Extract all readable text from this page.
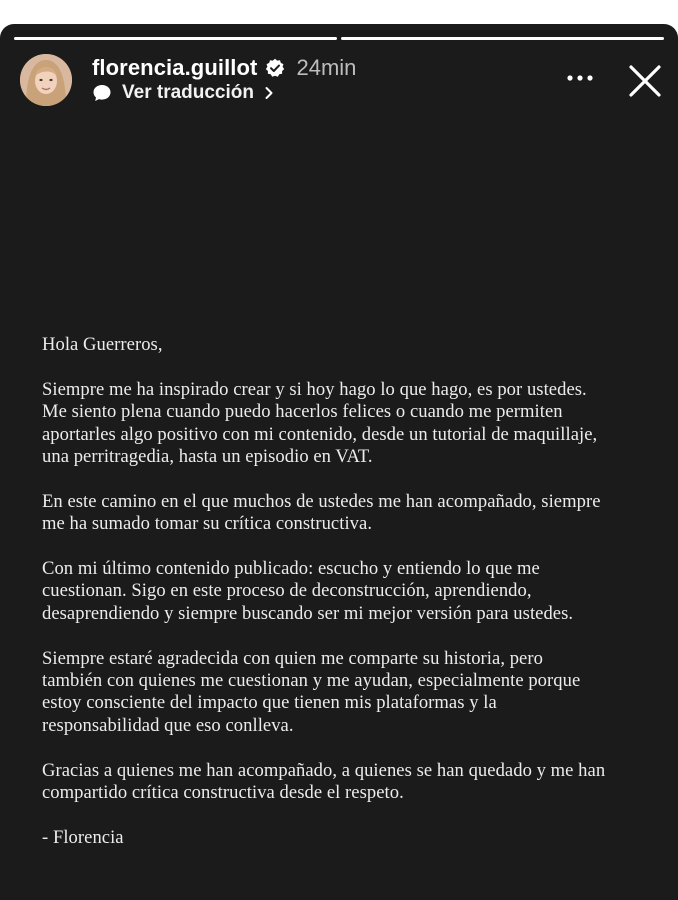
florencia.guillot 24min
Ver traducción

Hola Guerreros,

Siempre me ha inspirado crear y si hoy hago lo que hago, es por ustedes.
Me siento plena cuando puedo hacerlos felices o cuando me permiten
aportarles algo positivo con mi contenido, desde un tutorial de maquillaje,
una perritragedia, hasta un episodio en VAT.

En este camino en el que muchos de ustedes me han acompañado, siempre
me ha sumado tomar su crítica constructiva.

Con mi último contenido publicado: escucho y entiendo lo que me
cuestionan. Sigo en este proceso de deconstrucción, aprendiendo,
desaprendiendo y siempre buscando ser mi mejor versión para ustedes.

Siempre estaré agradecida con quien me comparte su historia, pero
también con quienes me cuestionan y me ayudan, especialmente porque
estoy consciente del impacto que tienen mis plataformas y la
responsabilidad que eso conlleva.

Gracias a quienes me han acompañado, a quienes se han quedado y me han
compartido crítica constructiva desde el respeto.

- Florencia
